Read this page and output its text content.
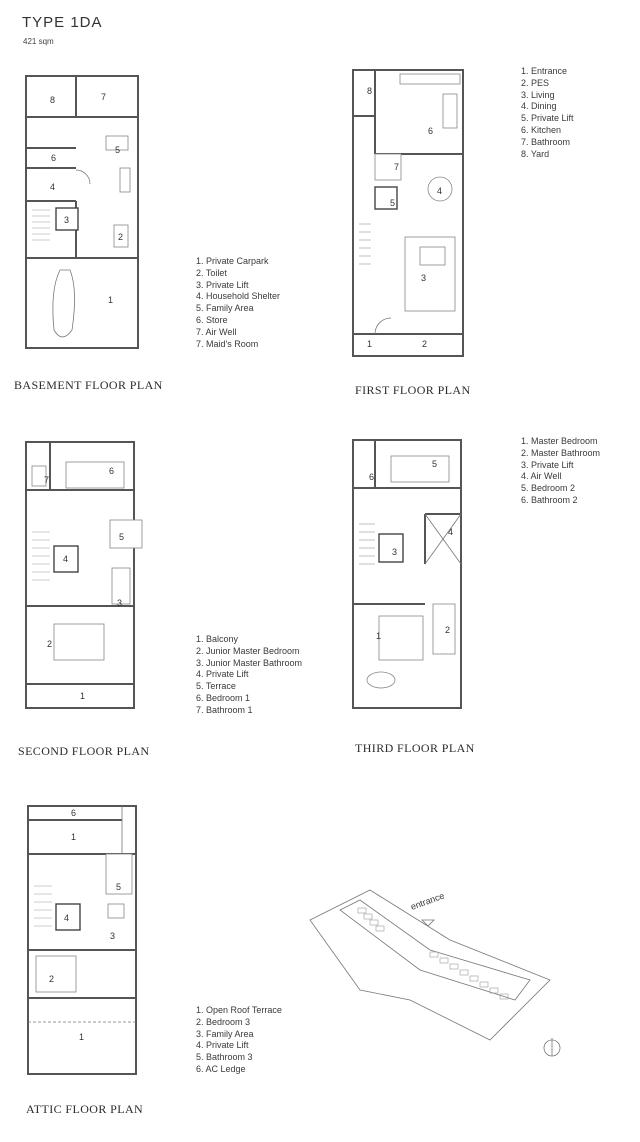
TYPE 1DA
421 sqm
8	7
5
6
4
3
2
1
1. Private Carpark
2. Toilet
3. Private Lift
4. Household Shelter
5. Family Area
6. Store
7. Air Well
7. Maid's Room
BASEMENT FLOOR PLAN
8
6
7
4
5
3
1	2
1. Entrance
2. PES
3. Living
4. Dining
5. Private Lift
6. Kitchen
7. Bathroom
8. Yard
FIRST FLOOR PLAN
7
6
5
4
3
2
1
1. Balcony
2. Junior Master Bedroom
3. Junior Master Bathroom
4. Private Lift
5. Terrace
6. Bedroom 1
7. Bathroom 1
SECOND FLOOR PLAN
6
5
4
3
1
2
1. Master Bedroom
2. Master Bathroom
3. Private Lift
4. Air Well
5. Bedroom 2
6. Bathroom 2
THIRD FLOOR PLAN
6
1
5
4
3
2
1
1. Open Roof Terrace
2. Bedroom 3
3. Family Area
4. Private Lift
5. Bathroom 3
6. AC Ledge
ATTIC FLOOR PLAN
entrance
